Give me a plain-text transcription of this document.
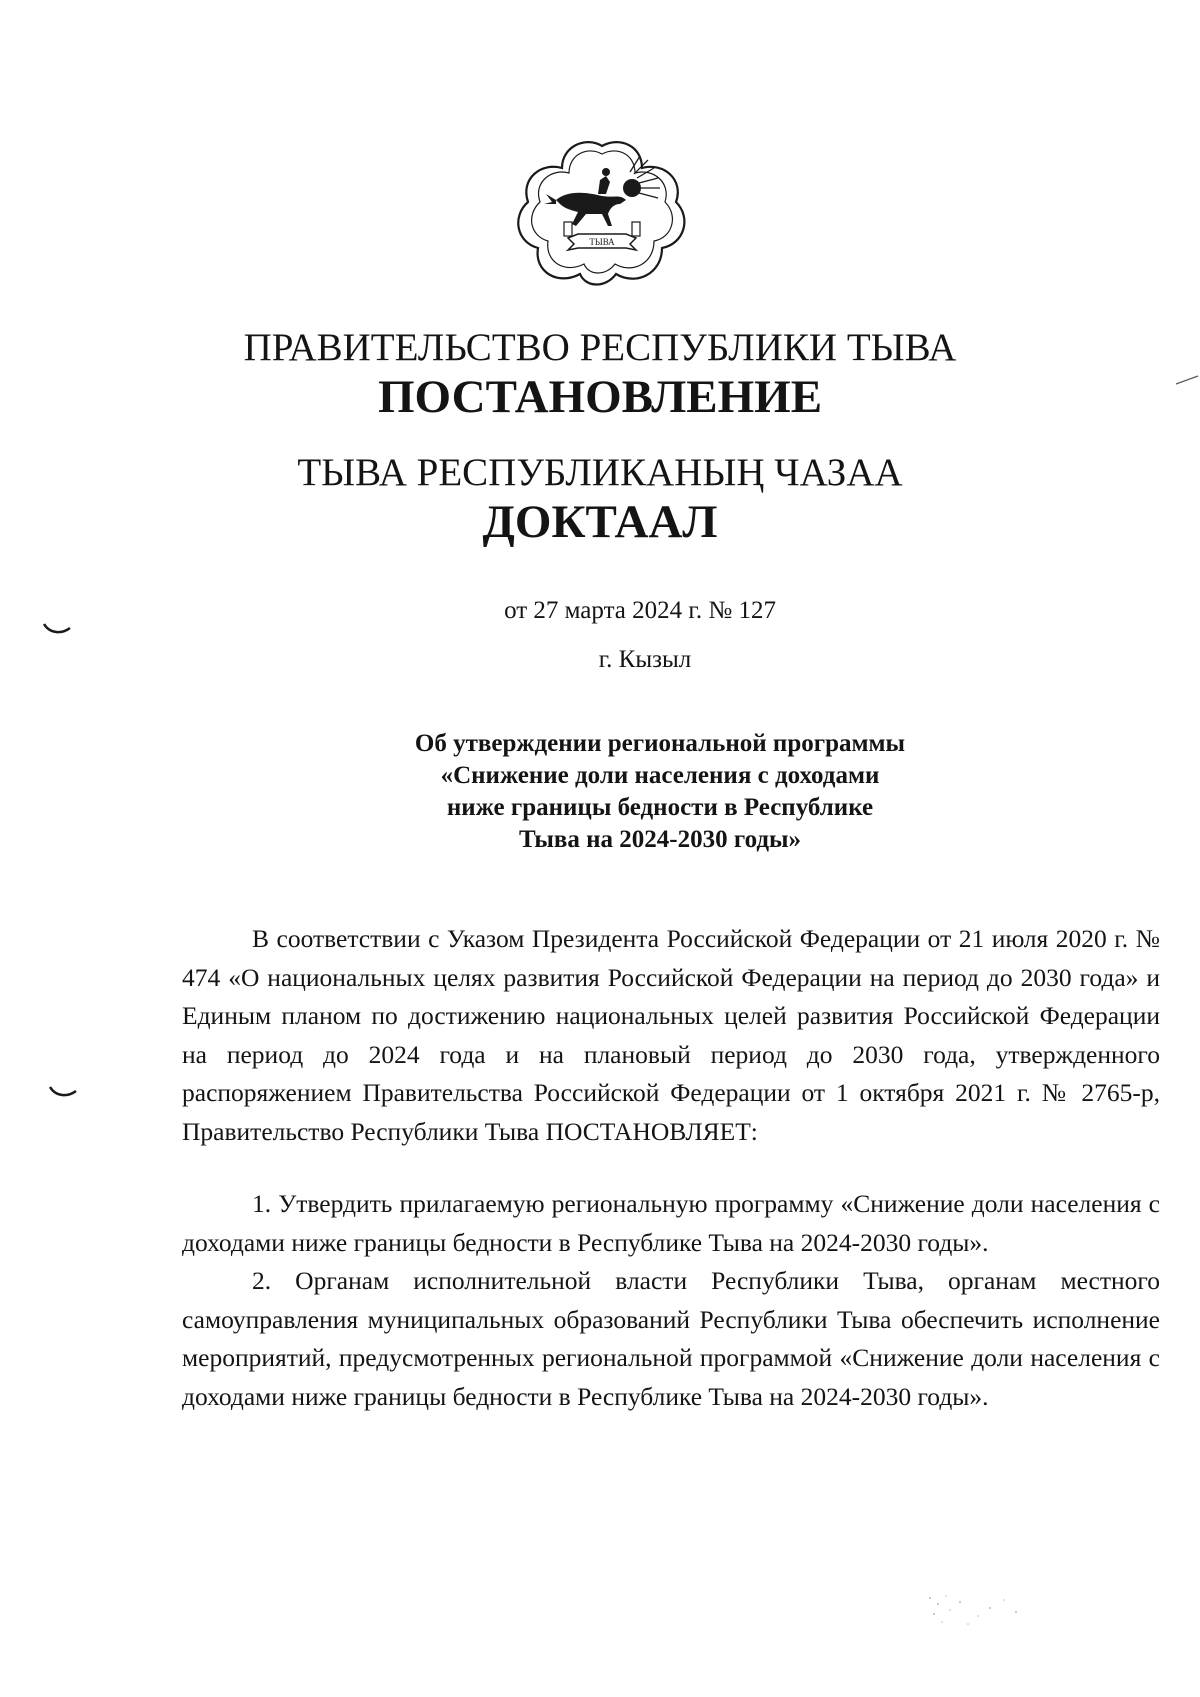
ТЫВА
ПРАВИТЕЛЬСТВО РЕСПУБЛИКИ ТЫВА
ПОСТАНОВЛЕНИЕ
ТЫВА РЕСПУБЛИКАНЫҢ ЧАЗАА
ДОКТААЛ
от 27 марта 2024 г. № 127
г. Кызыл
Об утверждении региональной программы
«Снижение доли населения с доходами
ниже границы бедности в Республике
Тыва на 2024-2030 годы»

В соответствии с Указом Президента Российской Федерации от 21 июля 2020 г. № 474 «О национальных целях развития Российской Федерации на период до 2030 года» и Единым планом по достижению национальных целей развития Российской Федерации на период до 2024 года и на плановый период до 2030 года, утвержденного распоряжением Правительства Российской Федерации от 1 октября 2021 г. № 2765-р, Правительство Республики Тыва ПОСТАНОВЛЯЕТ:

1. Утвердить прилагаемую региональную программу «Снижение доли населения с доходами ниже границы бедности в Республике Тыва на 2024-2030 годы».

2. Органам исполнительной власти Республики Тыва, органам местного самоуправления муниципальных образований Республики Тыва обеспечить исполнение мероприятий, предусмотренных региональной программой «Снижение доли населения с доходами ниже границы бедности в Республике Тыва на 2024-2030 годы».
